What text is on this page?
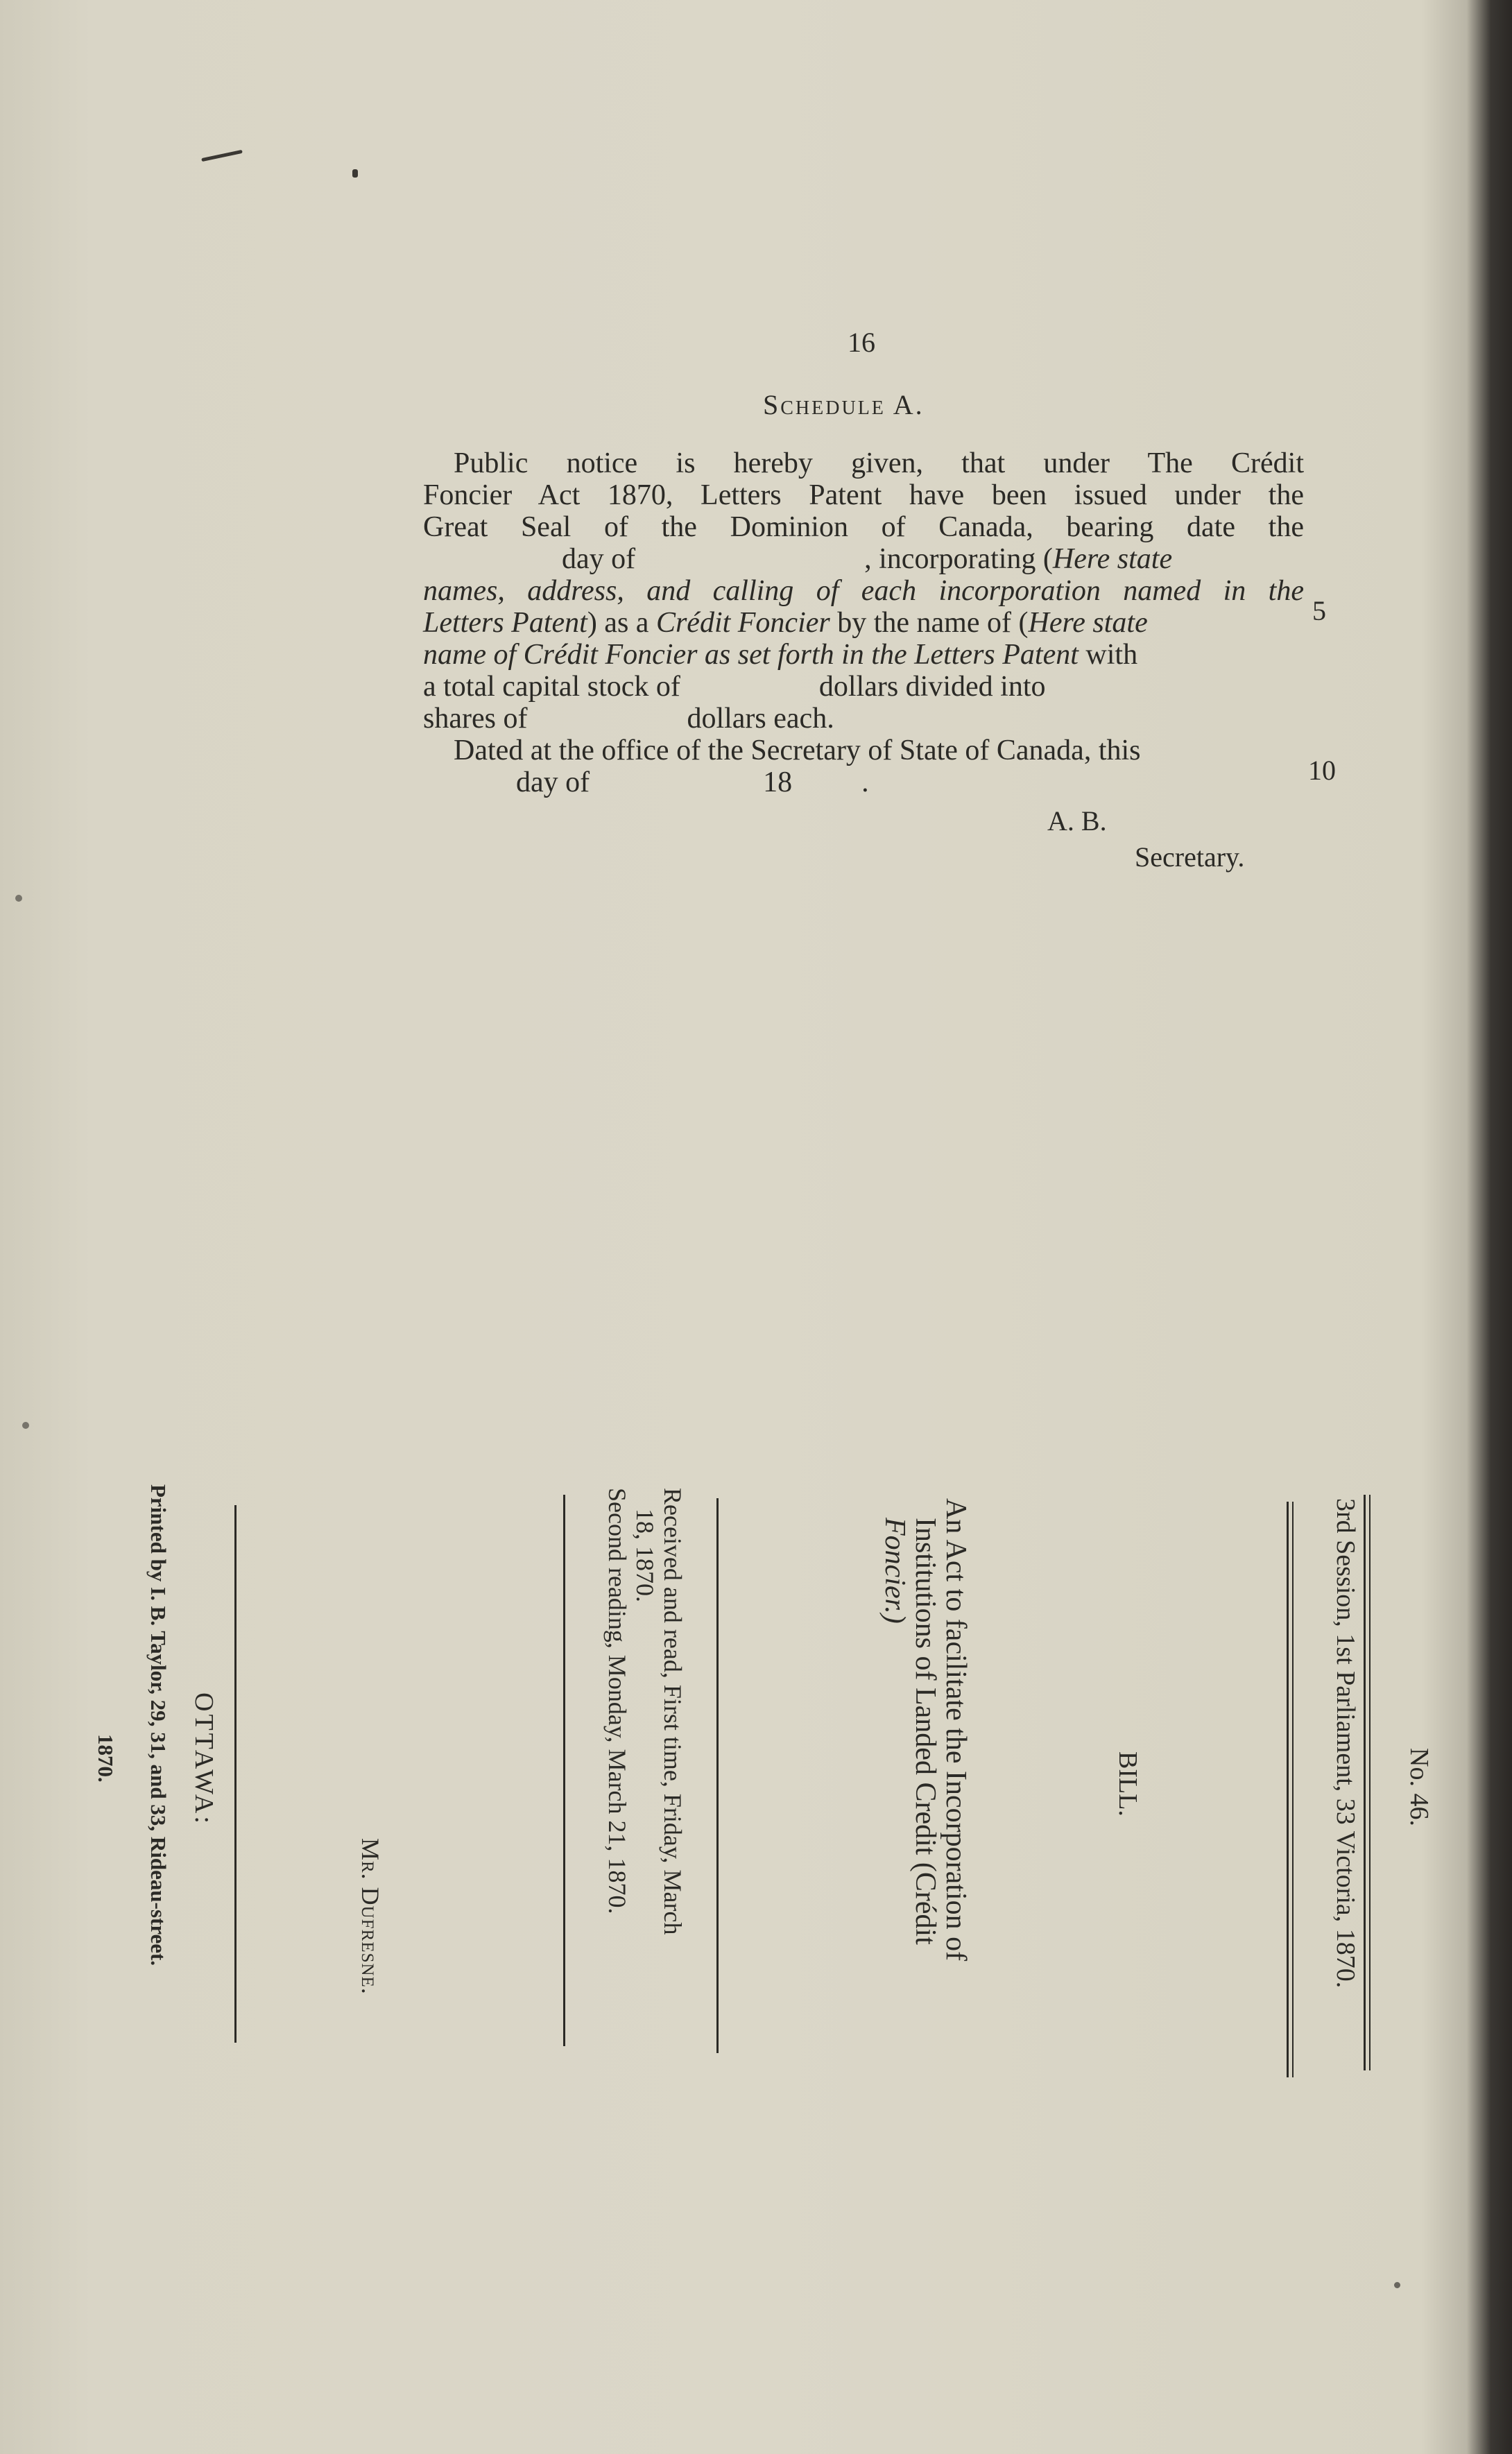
16
Schedule A.
Public notice is hereby given, that under The Crédit
Foncier Act 1870, Letters Patent have been issued under the
Great Seal of the Dominion of Canada, bearing date the
day of	, incorporating (Here state
names, address, and calling of each incorporation named in the
Letters Patent) as a Crédit Foncier by the name of (Here state
name of Crédit Foncier as set forth in the Letters Patent with
a total capital stock of	dollars divided into
shares of	dollars each.
Dated at the office of the Secretary of State of Canada, this
day of	18 .
5
10
A. B.
Secretary.
No. 46.
3rd Session, 1st Parliament, 33 Victoria, 1870.
BILL.
An Act to facilitate the Incorporation of
Institutions of Landed Credit (Crédit
Foncier.)
Received and read, First time, Friday, March
18, 1870.
Second reading, Monday, March 21, 1870.
Mr. Dufresne.
OTTAWA:
Printed by I. B. Taylor, 29, 31, and 33, Rideau-street.
1870.
